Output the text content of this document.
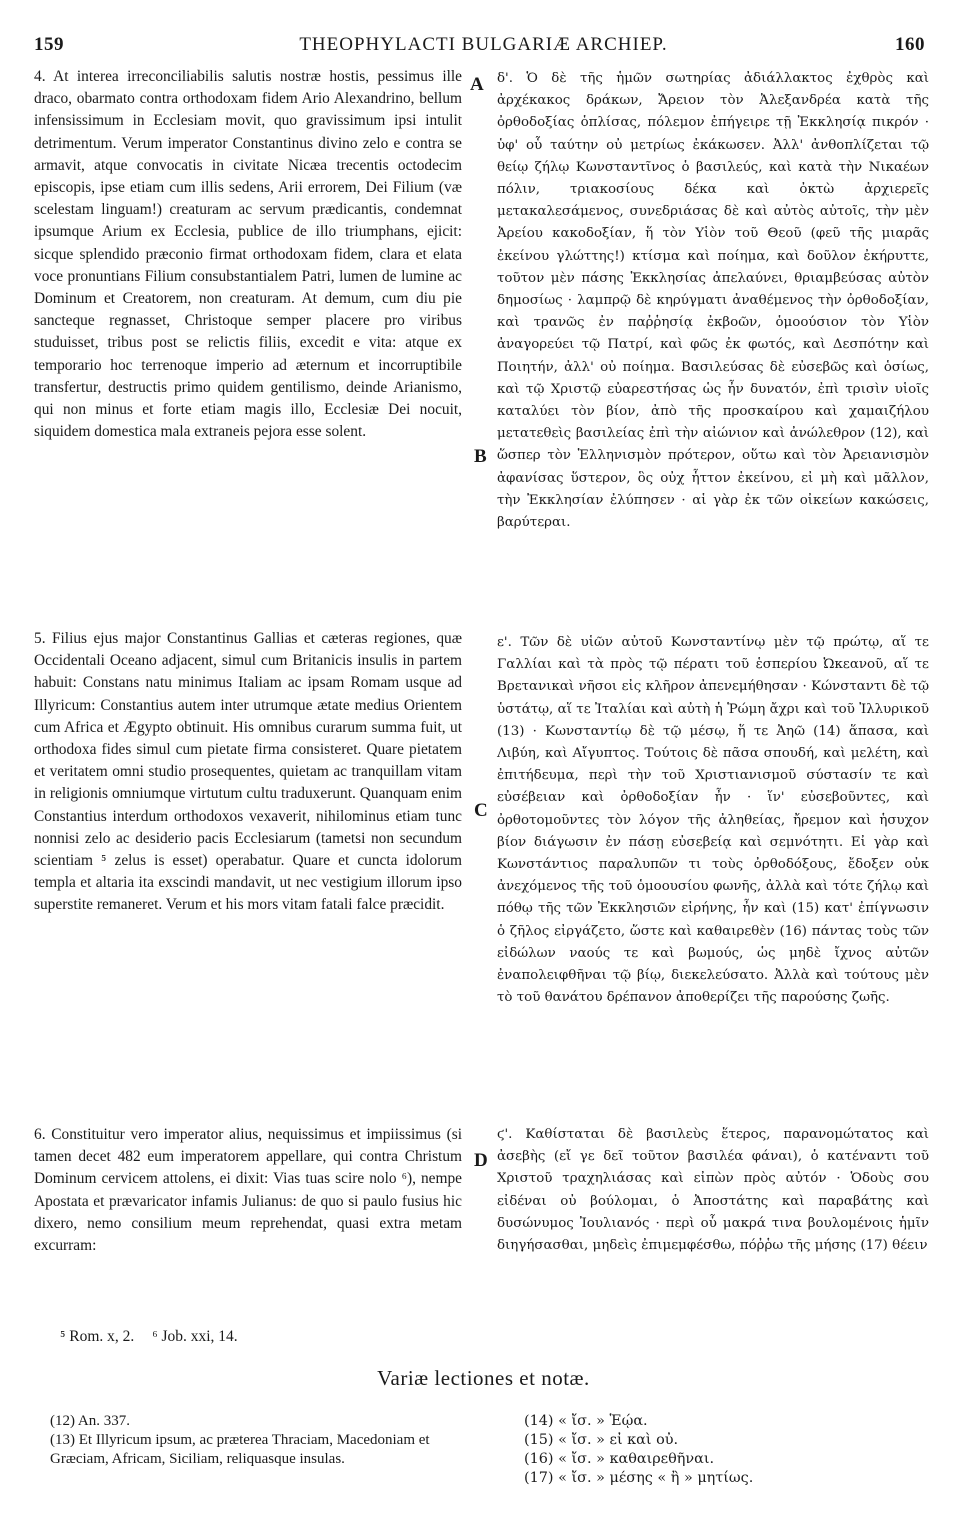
159	THEOPHYLACTI BULGARIÆ ARCHIEP.	160

4. At interea irreconciliabilis salutis nostræ hostis, pessimus ille draco, obarmato contra orthodoxam fidem Ario Alexandrino, bellum infensissimum in Ecclesiam movit, quo gravissimum ipsi intulit detrimentum. Verum imperator Constantinus divino zelo e contra se armavit, atque convocatis in civitate Nicæa trecentis octodecim episcopis, ipse etiam cum illis sedens, Arii errorem, Dei Filium (væ scelestam linguam!) creaturam ac servum prædicantis, condemnat ipsumque Arium ex Ecclesia, publice de illo triumphans, ejicit: sicque splendido præconio firmat orthodoxam fidem, clara et elata voce pronuntians Filium consubstantialem Patri, lumen de lumine ac Dominum et Creatorem, non creaturam. At demum, cum diu pie sancteque regnasset, Christoque semper placere pro viribus studuisset, tribus post se relictis filiis, excedit e vita: atque ex temporario hoc terrenoque imperio ad æternum et incorruptibile transfertur, destructis primo quidem gentilismo, deinde Arianismo, qui non minus et forte etiam magis illo, Ecclesiæ Dei nocuit, siquidem domestica mala extraneis pejora esse solent.

5. Filius ejus major Constantinus Gallias et cæteras regiones, quæ Occidentali Oceano adjacent, simul cum Britanicis insulis in partem habuit: Constans natu minimus Italiam ac ipsam Romam usque ad Illyricum: Constantius autem inter utrumque ætate medius Orientem cum Africa et Ægypto obtinuit. His omnibus curarum summa fuit, ut orthodoxa fides simul cum pietate firma consisteret. Quare pietatem et veritatem omni studio prosequentes, quietam ac tranquillam vitam in religionis omniumque virtutum cultu traduxerunt. Quanquam enim Constantius interdum orthodoxos vexaverit, nihilominus etiam tunc nonnisi zelo ac desiderio pacis Ecclesiarum (tametsi non secundum scientiam ⁵ zelus is esset) operabatur. Quare et cuncta idolorum templa et altaria ita exscindi mandavit, ut nec vestigium illorum ipso superstite remaneret. Verum et his mors vitam fatali falce præcidit.

6. Constituitur vero imperator alius, nequissimus et impiissimus (si tamen decet 482 eum imperatorem appellare, qui contra Christum Dominum cervicem attolens, ei dixit: Vias tuas scire nolo ⁶), nempe Apostata et prævaricator infamis Julianus: de quo si paulo fusius hic dixero, nemo consilium meum reprehendat, quasi extra metam excurram:

δ'. Ὁ δὲ τῆς ἡμῶν σωτηρίας ἀδιάλλακτος ἐχθρὸς καὶ ἀρχέκακος δράκων, Ἄρειον τὸν Ἀλεξανδρέα κατὰ τῆς ὀρθοδοξίας ὁπλίσας, πόλεμον ἐπήγειρε τῇ Ἐκκλησίᾳ πικρόν · ὑφ' οὗ ταύτην οὐ μετρίως ἐκάκωσεν. Ἀλλ' ἀνθοπλίζεται τῷ θείῳ ζήλῳ Κωνσταντῖνος ὁ βασιλεύς, καὶ κατὰ τὴν Νικαέων πόλιν, τριακοσίους δέκα καὶ ὀκτὼ ἀρχιερεῖς μετακαλεσάμενος, συνεδριάσας δὲ καὶ αὐτὸς αὐτοῖς, τὴν μὲν Ἀρείου κακοδοξίαν, ἥ τὸν Υἱὸν τοῦ Θεοῦ (φεῦ τῆς μιαρᾶς ἐκείνου γλώττης!) κτίσμα καὶ ποίημα, καὶ δοῦλον ἐκήρυττε, τοῦτον μὲν πάσης Ἐκκλησίας ἀπελαύνει, θριαμβεύσας αὐτὸν δημοσίως · λαμπρῷ δὲ κηρύγματι ἀναθέμενος τὴν ὀρθοδοξίαν, καὶ τρανῶς ἐν παῤῥησίᾳ ἐκβοῶν, ὁμοούσιον τὸν Υἱὸν ἀναγορεύει τῷ Πατρί, καὶ φῶς ἐκ φωτός, καὶ Δεσπότην καὶ Ποιητήν, ἀλλ' οὐ ποίημα. Βασιλεύσας δὲ εὐσεβῶς καὶ ὁσίως, καὶ τῷ Χριστῷ εὐαρεστήσας ὡς ἦν δυνατόν, ἐπὶ τρισὶν υἱοῖς καταλύει τὸν βίον, ἀπὸ τῆς προσκαίρου καὶ χαμαιζήλου μετατεθεὶς βασιλείας ἐπὶ τὴν αἰώνιον καὶ ἀνώλεθρον (12), καὶ ὥσπερ τὸν Ἑλληνισμὸν πρότερον, οὕτω καὶ τὸν Ἀρειανισμὸν ἀφανίσας ὕστερον, ὃς οὐχ ἧττον ἐκείνου, εἰ μὴ καὶ μᾶλλον, τὴν Ἐκκλησίαν ἐλύπησεν · αἱ γὰρ ἐκ τῶν οἰκείων κακώσεις, βαρύτεραι.

ε'. Τῶν δὲ υἱῶν αὐτοῦ Κωνσταντίνῳ μὲν τῷ πρώτῳ, αἵ τε Γαλλίαι καὶ τὰ πρὸς τῷ πέρατι τοῦ ἑσπερίου Ὠκεανοῦ, αἵ τε Βρετανικαὶ νῆσοι εἰς κλῆρον ἀπενεμήθησαν · Κώνσταντι δὲ τῷ ὑστάτῳ, αἵ τε Ἰταλίαι καὶ αὐτὴ ἡ Ῥώμη ἄχρι καὶ τοῦ Ἰλλυρικοῦ (13) · Κωνσταντίῳ δὲ τῷ μέσῳ, ἥ τε Ἀηῶ (14) ἅπασα, καὶ Λιβύη, καὶ Αἴγυπτος. Τούτοις δὲ πᾶσα σπουδή, καὶ μελέτη, καὶ ἐπιτήδευμα, περὶ τὴν τοῦ Χριστιανισμοῦ σύστασίν τε καὶ εὐσέβειαν καὶ ὀρθοδοξίαν ἦν · ἵν' εὐσεβοῦντες, καὶ ὀρθοτομοῦντες τὸν λόγον τῆς ἀληθείας, ἤρεμον καὶ ἡσυχον βίον διάγωσιν ἐν πάσῃ εὐσεβείᾳ καὶ σεμνότητι. Εἰ γὰρ καὶ Κωνστάντιος παραλυπῶν τι τοὺς ὀρθοδόξους, ἔδοξεν οὐκ ἀνεχόμενος τῆς τοῦ ὁμοουσίου φωνῆς, ἀλλὰ καὶ τότε ζήλῳ καὶ πόθῳ τῆς τῶν Ἐκκλησιῶν εἰρήνης, ἦν καὶ (15) κατ' ἐπίγνωσιν ὁ ζῆλος εἰργάζετο, ὥστε καὶ καθαιρεθὲν (16) πάντας τοὺς τῶν εἰδώλων ναούς τε καὶ βωμούς, ὡς μηδὲ ἴχνος αὐτῶν ἐναπολειφθῆναι τῷ βίῳ, διεκελεύσατο. Ἀλλὰ καὶ τούτους μὲν τὸ τοῦ θανάτου δρέπανον ἀποθερίζει τῆς παρούσης ζωῆς.

ϛ'. Καθίσταται δὲ βασιλεὺς ἕτερος, παρανομώτατος καὶ ἀσεβὴς (εἴ γε δεῖ τοῦτον βασιλέα φάναι), ὁ κατέναντι τοῦ Χριστοῦ τραχηλιάσας καὶ εἰπὼν πρὸς αὐτόν · Ὁδοὺς σου εἰδέναι οὐ βούλομαι, ὁ Ἀποστάτης καὶ παραβάτης καὶ δυσώνυμος Ἰουλιανός · περὶ οὗ μακρά τινα βουλομένοις ἡμῖν διηγήσασθαι, μηδεὶς ἐπιμεμφέσθω, πόῤῥω τῆς μήσης (17) θέειν

A
B
C
D
⁵ Rom. x, 2. ⁶ Job. xxi, 14.
Variæ lectiones et notæ.
(12) An. 337.
(13) Et Illyricum ipsum, ac præterea Thraciam, Macedoniam et Græciam, Africam, Siciliam, reliquasque insulas.
(14) « ἴσ. » Ἑῴα.
(15) « ἴσ. » εἰ καὶ οὐ.
(16) « ἴσ. » καθαιρεθῆναι.
(17) « ἴσ. » μέσης « ἢ » μητίως.
